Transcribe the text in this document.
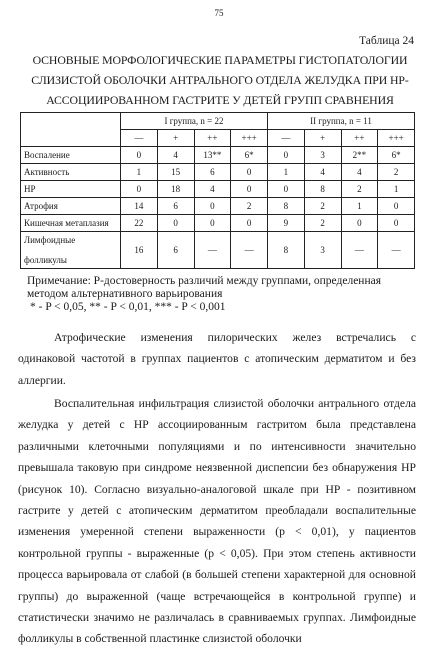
75
Таблица 24
ОСНОВНЫЕ МОРФОЛОГИЧЕСКИЕ ПАРАМЕТРЫ ГИСТОПАТОЛОГИИ СЛИЗИСТОЙ ОБОЛОЧКИ АНТРАЛЬНОГО ОТДЕЛА ЖЕЛУДКА ПРИ HP-АССОЦИИРОВАННОМ ГАСТРИТЕ У ДЕТЕЙ ГРУПП СРАВНЕНИЯ
	I группа, n = 22				II группа, n = 11			
	—	+	++	+++	—	+	++	+++
Воспаление	0	4	13**	6*	0	3	2**	6*
Активность	1	15	6	0	1	4	4	2
HP	0	18	4	0	0	8	2	1
Атрофия	14	6	0	2	8	2	1	0
Кишечная метаплазия	22	0	0	0	9	2	0	0
Лимфоидные

фолликулы	16	6	—	—	8	3	—	—
Примечание: Р-достоверность различий между группами, определенная
методом альтернативного варьирования
* - P < 0,05, ** - P < 0,01, *** - P < 0,001

Атрофические изменения пилорических желез встречались с одинаковой частотой в группах пациентов с атопическим дерматитом и без аллергии.

Воспалительная инфильтрация слизистой оболочки антрального отдела желудка у детей с НР ассоциированным гастритом была представлена различными клеточными популяциями и по интенсивности значительно превышала таковую при синдроме неязвенной диспепсии без обнаружения HP (рисунок 10). Согласно визуально-аналоговой шкале при HP - позитивном гастрите у детей с атопическим дерматитом преобладали воспалительные изменения умеренной степени выраженности (р < 0,01), у пациентов контрольной группы - выраженные (р < 0,05). При этом степень активности процесса варьировала от слабой (в большей степени характерной для основной группы) до выраженной (чаще встречающейся в контрольной группе) и статистически значимо не различалась в сравниваемых группах. Лимфоидные фолликулы в собственной пластинке слизистой оболочки
